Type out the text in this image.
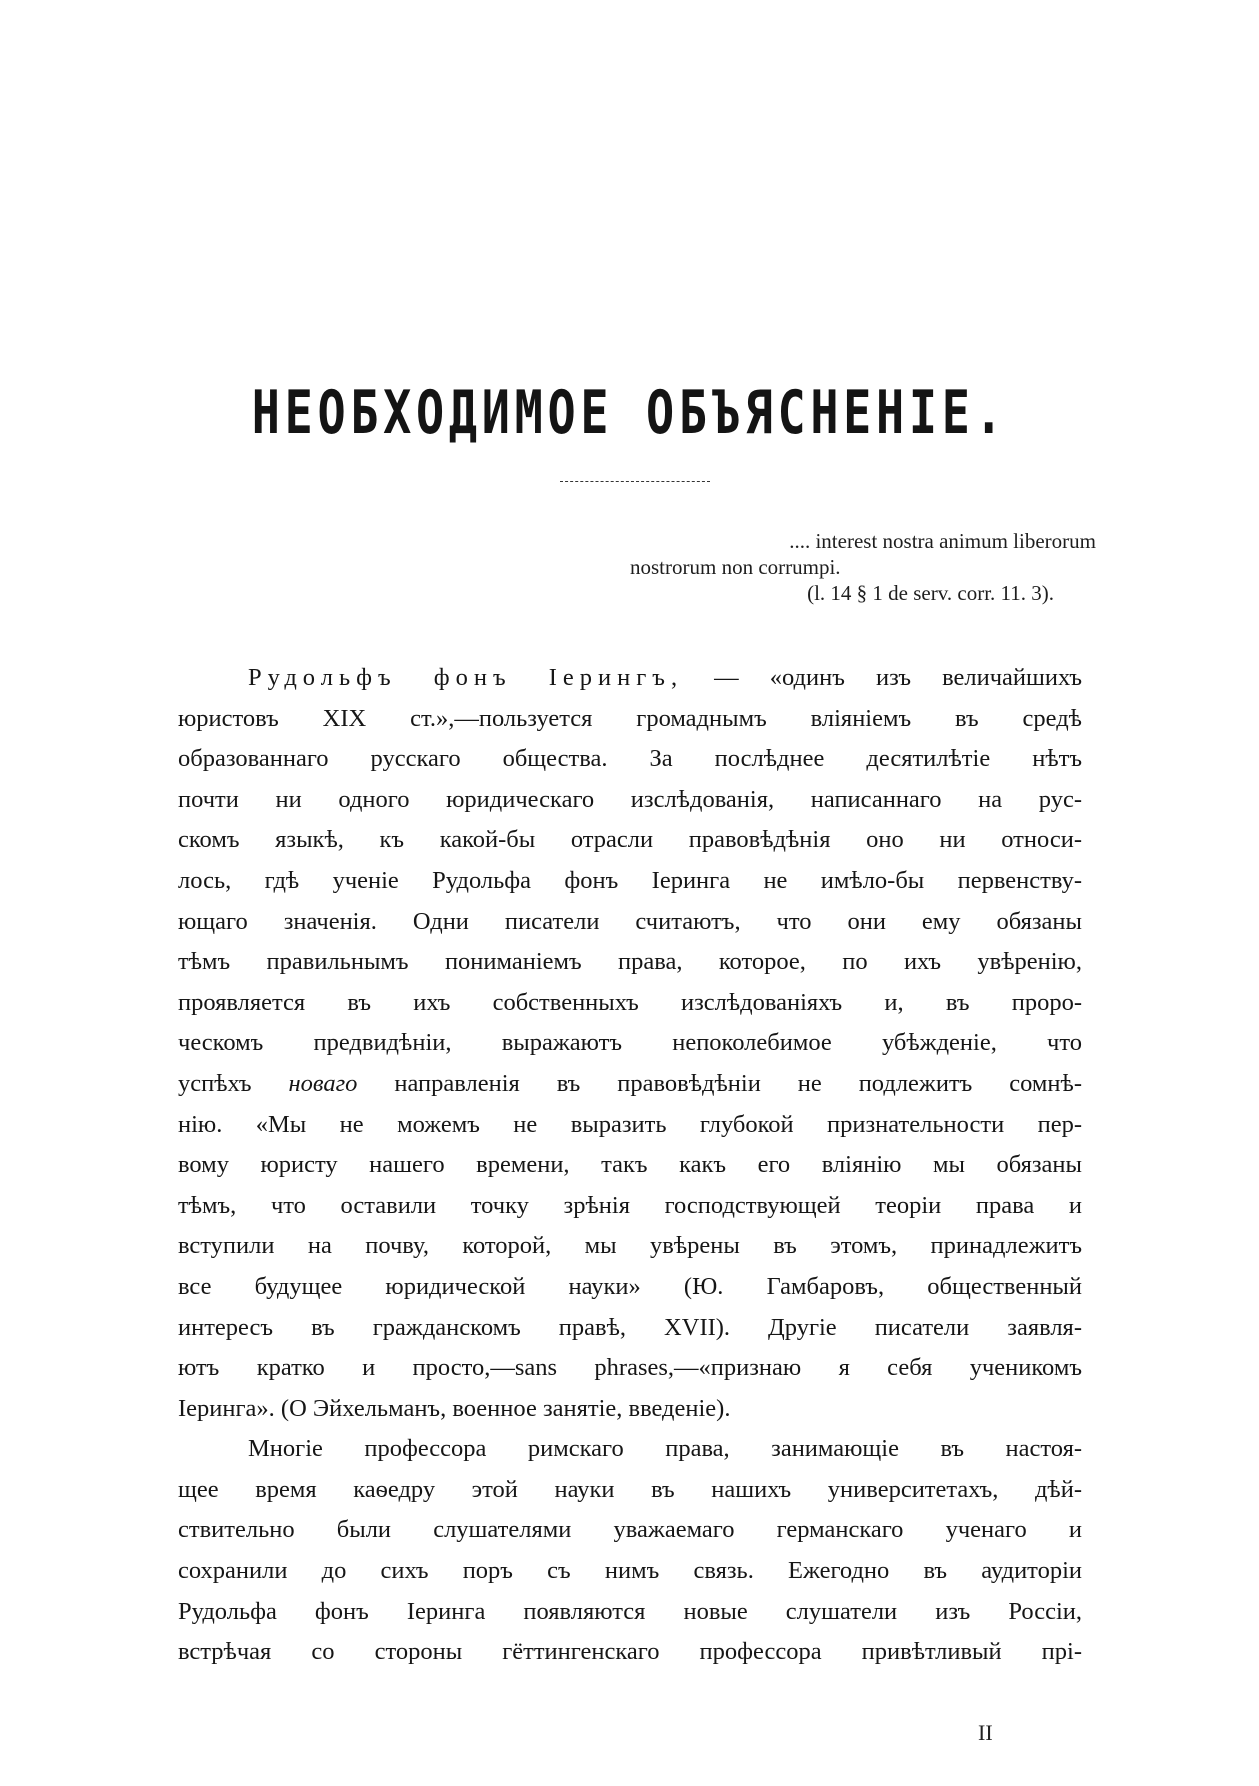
НЕОБХОДИМОЕ ОБЪЯСНЕНІЕ.
.... interest nostra animum liberorum
nostrorum non corrumpi.
(l. 14 § 1 de serv. corr. 11. 3).
Рудольфъ фонъ Іерингъ, — «одинъ изъ величайшихъ
юристовъ XIX ст.»,—пользуется громаднымъ вліяніемъ въ средѣ
образованнаго русскаго общества. За послѣднее десятилѣтіе нѣтъ
почти ни одного юридическаго изслѣдованія, написаннаго на рус-
скомъ языкѣ, къ какой-бы отрасли правовѣдѣнія оно ни относи-
лось, гдѣ ученіе Рудольфа фонъ Іеринга не имѣло-бы первенству-
ющаго значенія. Одни писатели считаютъ, что они ему обязаны
тѣмъ правильнымъ пониманіемъ права, которое, по ихъ увѣренію,
проявляется въ ихъ собственныхъ изслѣдованіяхъ и, въ проро-
ческомъ предвидѣніи, выражаютъ непоколебимое убѣжденіе, что
успѣхъ новаго направленія въ правовѣдѣніи не подлежитъ сомнѣ-
нію. «Мы не можемъ не выразить глубокой признательности пер-
вому юристу нашего времени, такъ какъ его вліянію мы обязаны
тѣмъ, что оставили точку зрѣнія господствующей теоріи права и
вступили на почву, которой, мы увѣрены въ этомъ, принадлежитъ
все будущее юридической науки» (Ю. Гамбаровъ, общественный
интересъ въ гражданскомъ правѣ, XVII). Другіе писатели заявля-
ютъ кратко и просто,—sans phrases,—«признаю я себя ученикомъ
Іеринга». (О Эйхельманъ, военное занятіе, введеніе).
Многіе профессора римскаго права, занимающіе въ настоя-
щее время каѳедру этой науки въ нашихъ университетахъ, дѣй-
ствительно были слушателями уважаемаго германскаго ученаго и
сохранили до сихъ поръ съ нимъ связь. Ежегодно въ аудиторіи
Рудольфа фонъ Іеринга появляются новые слушатели изъ Россіи,
встрѣчая со стороны гёттингенскаго профессора привѣтливый прі-
II
